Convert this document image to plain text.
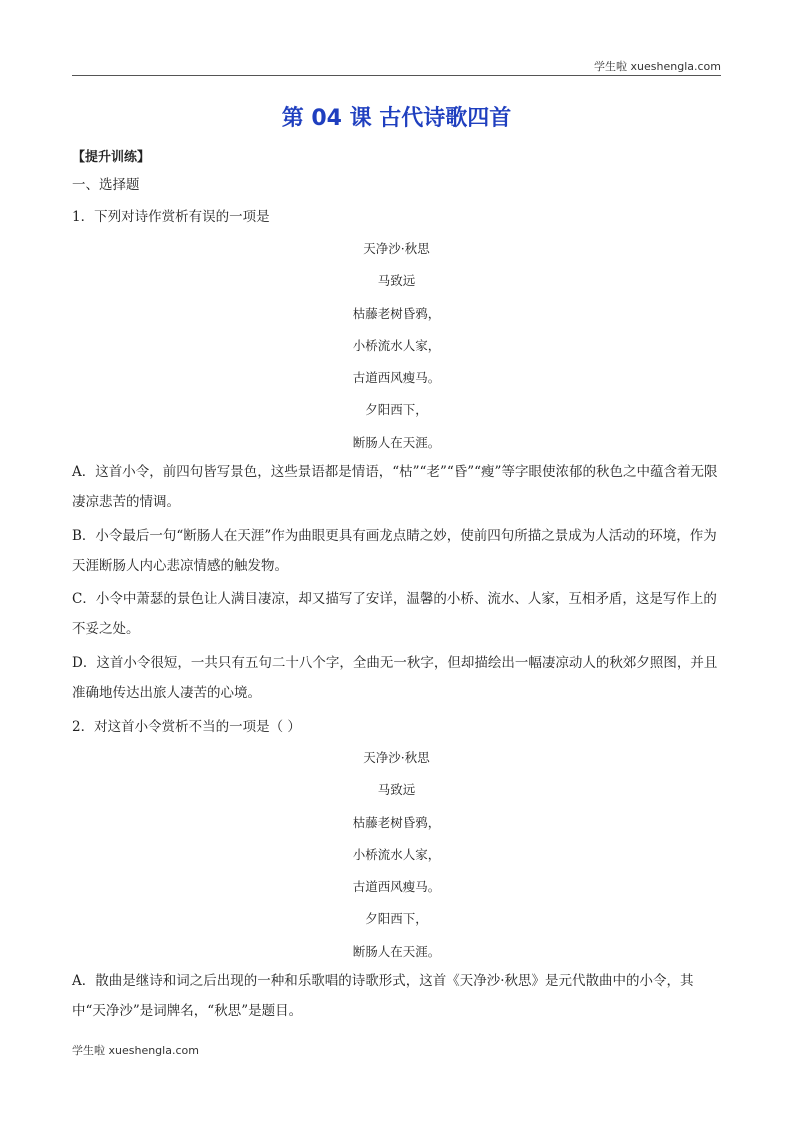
学生啦 xueshengla.com
第 04 课 古代诗歌四首
【提升训练】
一、选择题
1．下列对诗作赏析有误的一项是
天净沙·秋思
马致远
枯藤老树昏鸦，
小桥流水人家，
古道西风瘦马。
夕阳西下，
断肠人在天涯。
A．这首小令，前四句皆写景色，这些景语都是情语，“枯”“老”“昏”“瘦”等字眼使浓郁的秋色之中蕴含着无限凄凉悲苦的情调。
B．小令最后一句“断肠人在天涯”作为曲眼更具有画龙点睛之妙，使前四句所描之景成为人活动的环境，作为天涯断肠人内心悲凉情感的触发物。
C．小令中萧瑟的景色让人满目凄凉，却又描写了安详，温馨的小桥、流水、人家，互相矛盾，这是写作上的不妥之处。
D．这首小令很短，一共只有五句二十八个字，全曲无一秋字，但却描绘出一幅凄凉动人的秋郊夕照图，并且准确地传达出旅人凄苦的心境。
2．对这首小令赏析不当的一项是（ ）
天净沙·秋思
马致远
枯藤老树昏鸦，
小桥流水人家，
古道西风瘦马。
夕阳西下，
断肠人在天涯。
A．散曲是继诗和词之后出现的一种和乐歌唱的诗歌形式，这首《天净沙·秋思》是元代散曲中的小令，其中“天净沙”是词牌名，“秋思”是题目。
学生啦 xueshengla.com
